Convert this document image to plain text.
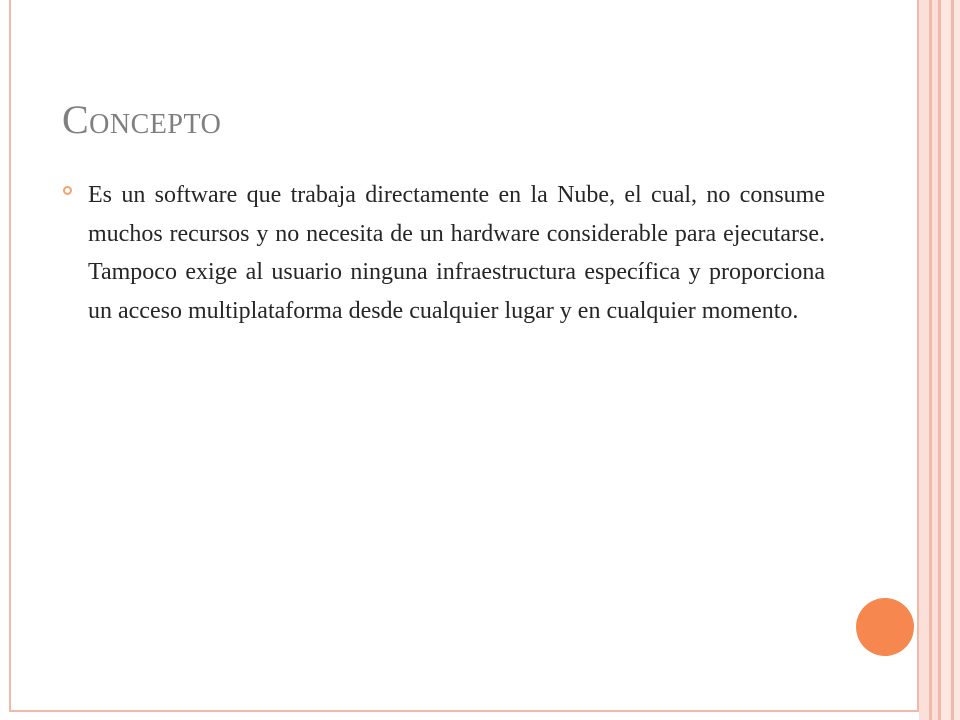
Concepto
Es un software que trabaja directamente en la Nube, el cual, no consume muchos recursos y no necesita de un hardware considerable para ejecutarse. Tampoco exige al usuario ninguna infraestructura específica y proporciona un acceso multiplataforma desde cualquier lugar y en cualquier momento.
